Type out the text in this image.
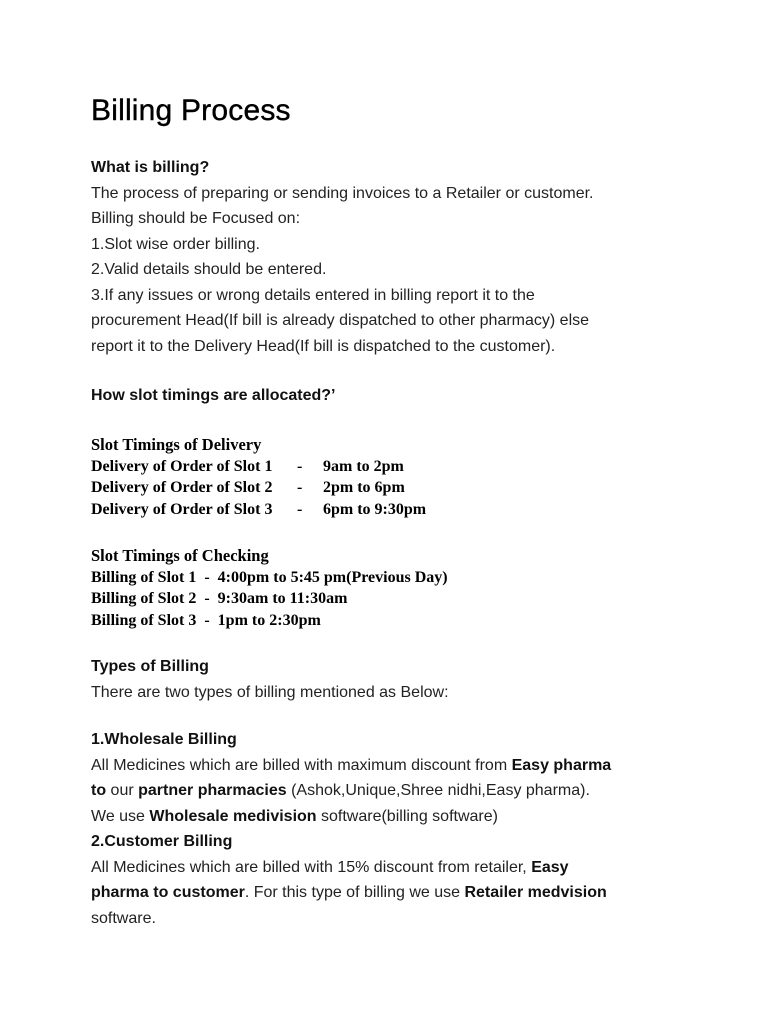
Billing Process
What is billing?
The process of preparing or sending invoices to a Retailer or customer.
Billing should be Focused on:
1.Slot wise order billing.
2.Valid details should be entered.
3.If any issues or wrong details entered in billing report it to the
procurement Head(If bill is already dispatched to other pharmacy) else
report it to the Delivery Head(If bill is dispatched to the customer).
How slot timings are allocated?’
Slot Timings of Delivery
Delivery of Order of Slot 1	-	9am to 2pm
Delivery of Order of Slot 2	-	2pm to 6pm
Delivery of Order of Slot 3	-	6pm to 9:30pm
Slot Timings of Checking
Billing of Slot 1  -  4:00pm to 5:45 pm(Previous Day)
Billing of Slot 2  -  9:30am to 11:30am
Billing of Slot 3  -  1pm to 2:30pm
Types of Billing
There are two types of billing mentioned as Below:
1.Wholesale Billing
All Medicines which are billed with maximum discount from Easy pharma
to our partner pharmacies (Ashok,Unique,Shree nidhi,Easy pharma).
We use Wholesale medivision software(billing software)
2.Customer Billing
All Medicines which are billed with 15% discount from retailer, Easy
pharma to customer. For this type of billing we use Retailer medvision
software.
